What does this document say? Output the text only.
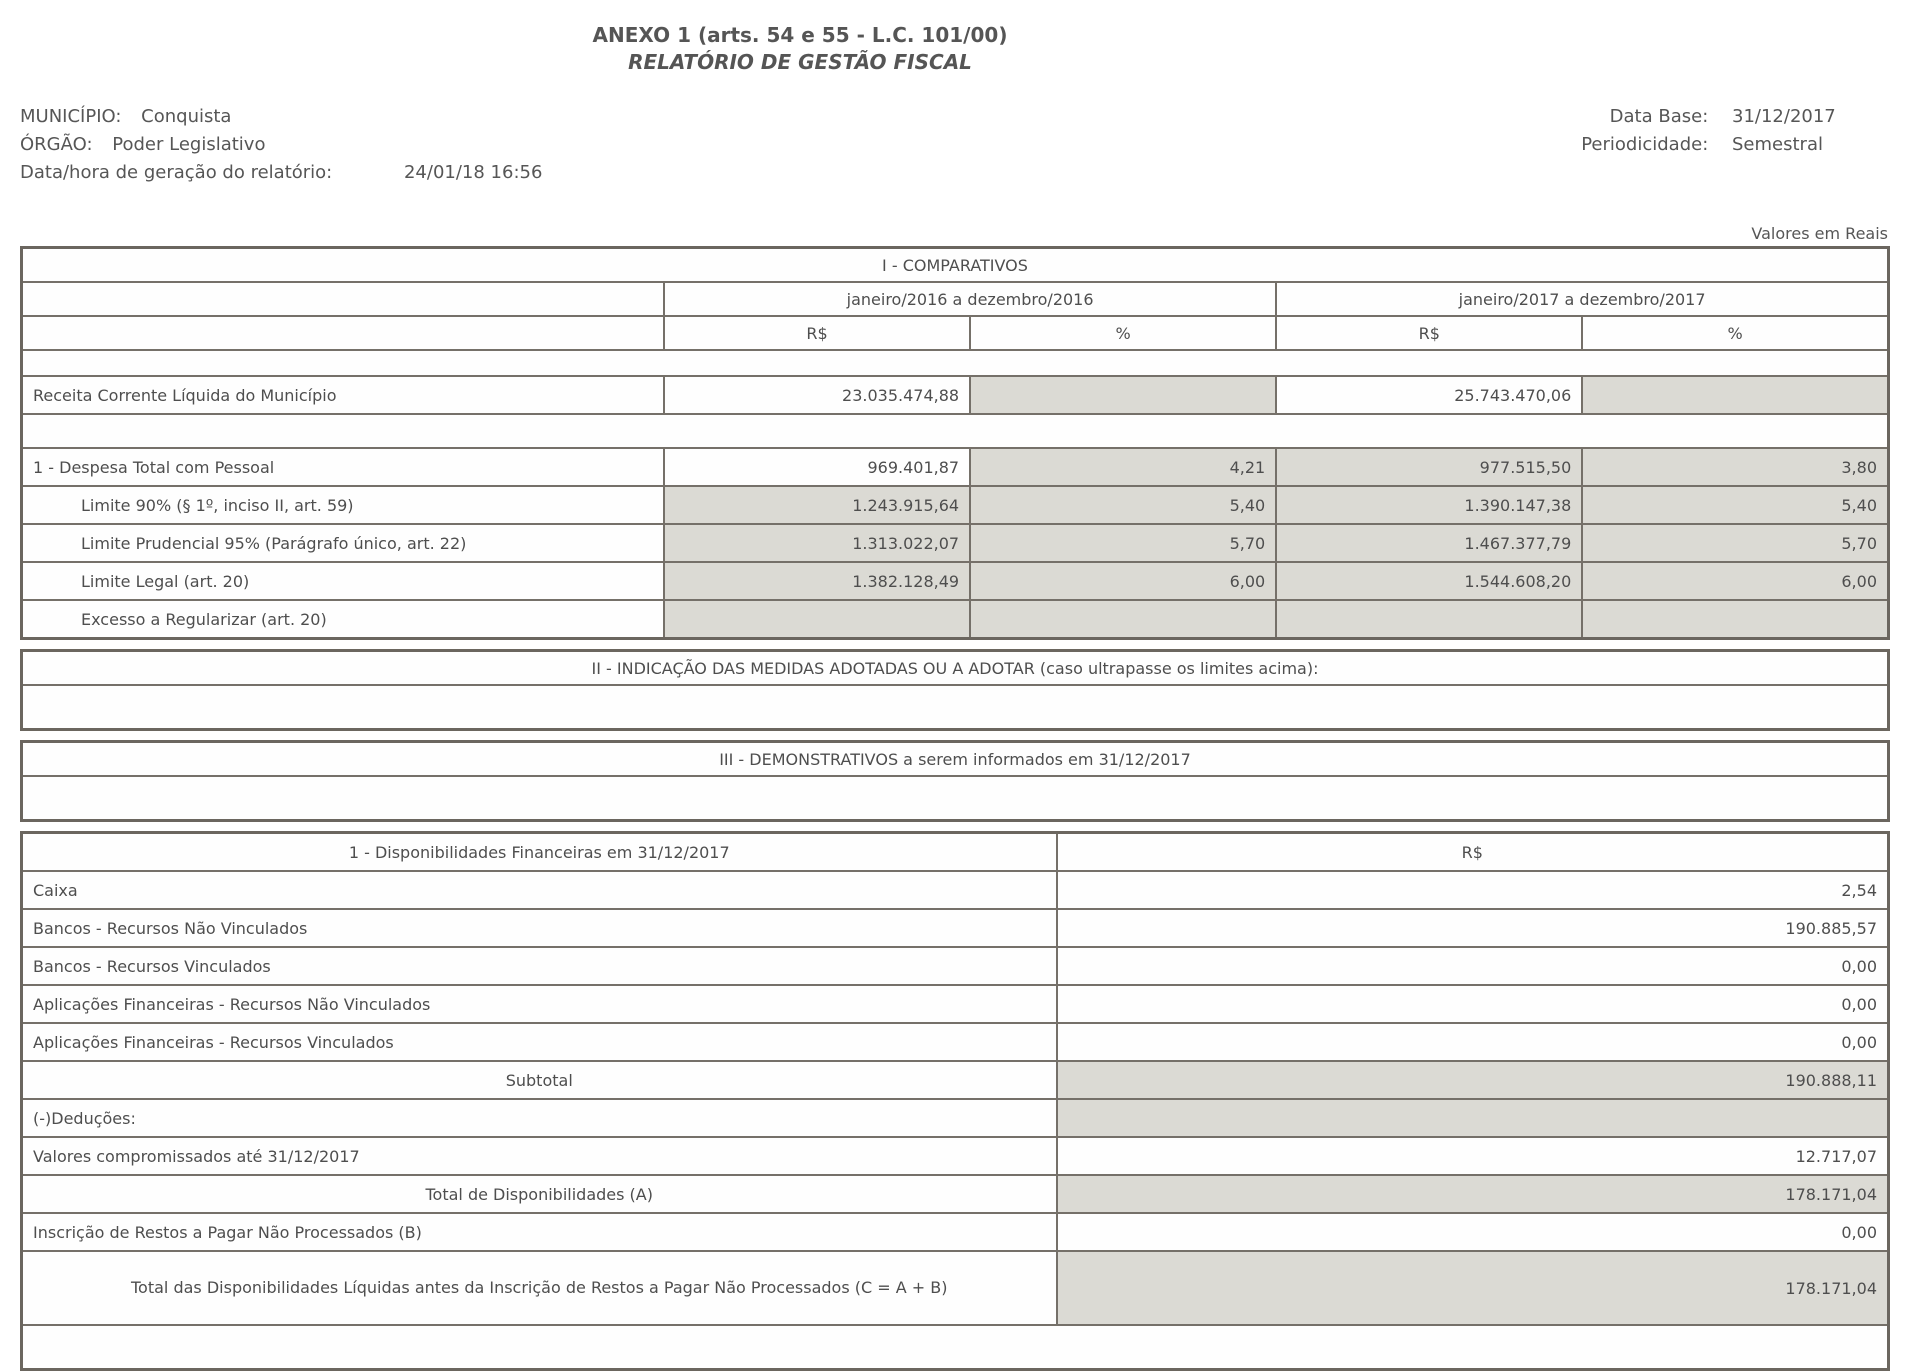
ANEXO 1 (arts. 54 e 55 - L.C. 101/00)
RELATÓRIO DE GESTÃO FISCAL
MUNICÍPIO: Conquista
ÓRGÃO: Poder Legislativo
Data/hora de geração do relatório:	24/01/18 16:56
Data Base: 31/12/2017
Periodicidade: Semestral
Valores em Reais
I - COMPARATIVOS				
	janeiro/2016 a dezembro/2016		janeiro/2017 a dezembro/2017	
	R$	%	R$	%

Receita Corrente Líquida do Município	23.035.474,88		25.743.470,06	

1 - Despesa Total com Pessoal	969.401,87	4,21	977.515,50	3,80
Limite 90% (§ 1º, inciso II, art. 59)	1.243.915,64	5,40	1.390.147,38	5,40
Limite Prudencial 95% (Parágrafo único, art. 22)	1.313.022,07	5,70	1.467.377,79	5,70
Limite Legal (art. 20)	1.382.128,49	6,00	1.544.608,20	6,00
Excesso a Regularizar (art. 20)				
II - INDICAÇÃO DAS MEDIDAS ADOTADAS OU A ADOTAR (caso ultrapasse os limites acima):

III - DEMONSTRATIVOS a serem informados em 31/12/2017

1 - Disponibilidades Financeiras em 31/12/2017	R$
Caixa	2,54
Bancos - Recursos Não Vinculados	190.885,57
Bancos - Recursos Vinculados	0,00
Aplicações Financeiras - Recursos Não Vinculados	0,00
Aplicações Financeiras - Recursos Vinculados	0,00
Subtotal	190.888,11
(-)Deduções:	
Valores compromissados até 31/12/2017	12.717,07
Total de Disponibilidades (A)	178.171,04
Inscrição de Restos a Pagar Não Processados (B)	0,00

Total das Disponibilidades Líquidas antes da Inscrição de Restos a Pagar Não Processados (C = A + B)	178.171,04
